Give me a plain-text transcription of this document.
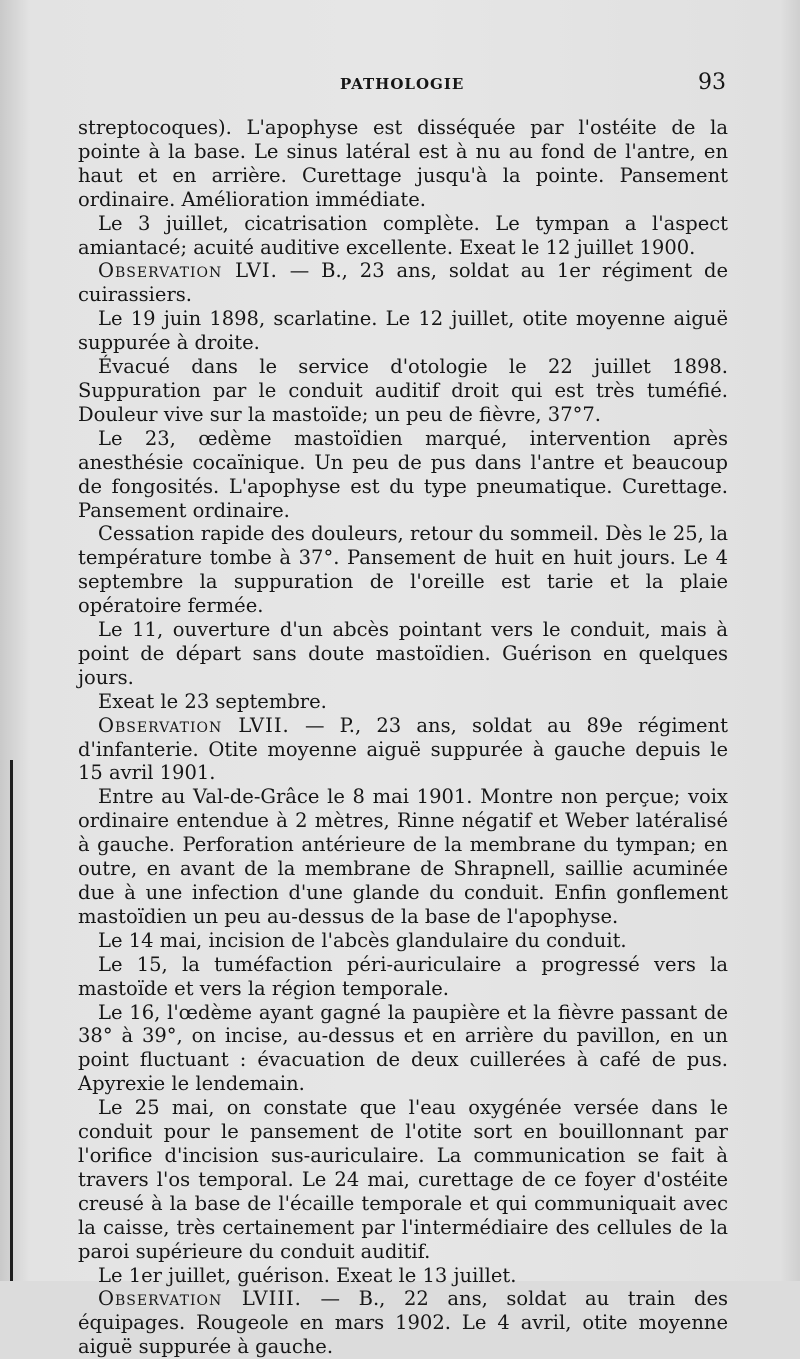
PATHOLOGIE	93

streptocoques). L'apophyse est disséquée par l'ostéite de la pointe à la base. Le sinus latéral est à nu au fond de l'antre, en haut et en arrière. Curettage jusqu'à la pointe. Pansement ordinaire. Amélioration immédiate.

Le 3 juillet, cicatrisation complète. Le tympan a l'aspect amiantacé; acuité auditive excellente. Exeat le 12 juillet 1900.

Observation LVI. — B., 23 ans, soldat au 1er régiment de cuirassiers.

Le 19 juin 1898, scarlatine. Le 12 juillet, otite moyenne aiguë suppurée à droite.

Évacué dans le service d'otologie le 22 juillet 1898. Suppuration par le conduit auditif droit qui est très tuméfié. Douleur vive sur la mastoïde; un peu de fièvre, 37°7.

Le 23, œdème mastoïdien marqué, intervention après anesthésie cocaïnique. Un peu de pus dans l'antre et beaucoup de fongosités. L'apophyse est du type pneumatique. Curettage. Pansement ordinaire.

Cessation rapide des douleurs, retour du sommeil. Dès le 25, la température tombe à 37°. Pansement de huit en huit jours. Le 4 septembre la suppuration de l'oreille est tarie et la plaie opératoire fermée.

Le 11, ouverture d'un abcès pointant vers le conduit, mais à point de départ sans doute mastoïdien. Guérison en quelques jours.

Exeat le 23 septembre.

Observation LVII. — P., 23 ans, soldat au 89e régiment d'infanterie. Otite moyenne aiguë suppurée à gauche depuis le 15 avril 1901.

Entre au Val-de-Grâce le 8 mai 1901. Montre non perçue; voix ordinaire entendue à 2 mètres, Rinne négatif et Weber latéralisé à gauche. Perforation antérieure de la membrane du tympan; en outre, en avant de la membrane de Shrapnell, saillie acuminée due à une infection d'une glande du conduit. Enfin gonflement mastoïdien un peu au-dessus de la base de l'apophyse.

Le 14 mai, incision de l'abcès glandulaire du conduit.

Le 15, la tuméfaction péri-auriculaire a progressé vers la mastoïde et vers la région temporale.

Le 16, l'œdème ayant gagné la paupière et la fièvre passant de 38° à 39°, on incise, au-dessus et en arrière du pavillon, en un point fluctuant : évacuation de deux cuillerées à café de pus. Apyrexie le lendemain.

Le 25 mai, on constate que l'eau oxygénée versée dans le conduit pour le pansement de l'otite sort en bouillonnant par l'orifice d'incision sus-auriculaire. La communication se fait à travers l'os temporal. Le 24 mai, curettage de ce foyer d'ostéite creusé à la base de l'écaille temporale et qui communiquait avec la caisse, très certainement par l'intermédiaire des cellules de la paroi supérieure du conduit auditif.

Le 1er juillet, guérison. Exeat le 13 juillet.

Observation LVIII. — B., 22 ans, soldat au train des équipages. Rougeole en mars 1902. Le 4 avril, otite moyenne aiguë suppurée à gauche.
